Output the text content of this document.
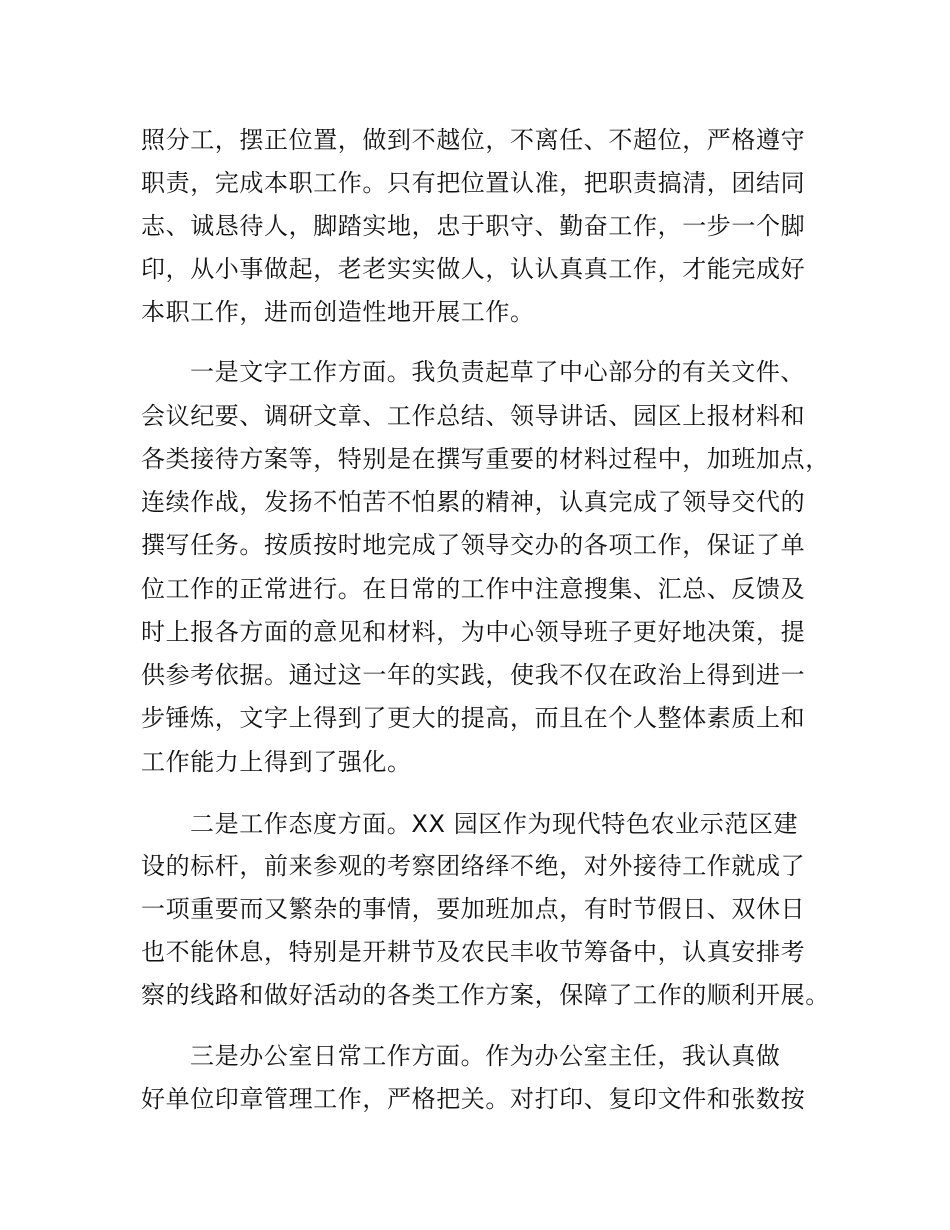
照分工，摆正位置，做到不越位，不离任、不超位，严格遵守
职责，完成本职工作。只有把位置认准，把职责搞清，团结同
志、诚恳待人，脚踏实地，忠于职守、勤奋工作，一步一个脚
印，从小事做起，老老实实做人，认认真真工作，才能完成好
本职工作，进而创造性地开展工作。
一是文字工作方面。我负责起草了中心部分的有关文件、
会议纪要、调研文章、工作总结、领导讲话、园区上报材料和
各类接待方案等，特别是在撰写重要的材料过程中，加班加点，
连续作战，发扬不怕苦不怕累的精神，认真完成了领导交代的
撰写任务。按质按时地完成了领导交办的各项工作，保证了单
位工作的正常进行。在日常的工作中注意搜集、汇总、反馈及
时上报各方面的意见和材料，为中心领导班子更好地决策，提
供参考依据。通过这一年的实践，使我不仅在政治上得到进一
步锤炼，文字上得到了更大的提高，而且在个人整体素质上和
工作能力上得到了强化。
二是工作态度方面。XX 园区作为现代特色农业示范区建
设的标杆，前来参观的考察团络绎不绝，对外接待工作就成了
一项重要而又繁杂的事情，要加班加点，有时节假日、双休日
也不能休息，特别是开耕节及农民丰收节筹备中，认真安排考
察的线路和做好活动的各类工作方案，保障了工作的顺利开展。
三是办公室日常工作方面。作为办公室主任，我认真做
好单位印章管理工作，严格把关。对打印、复印文件和张数按
